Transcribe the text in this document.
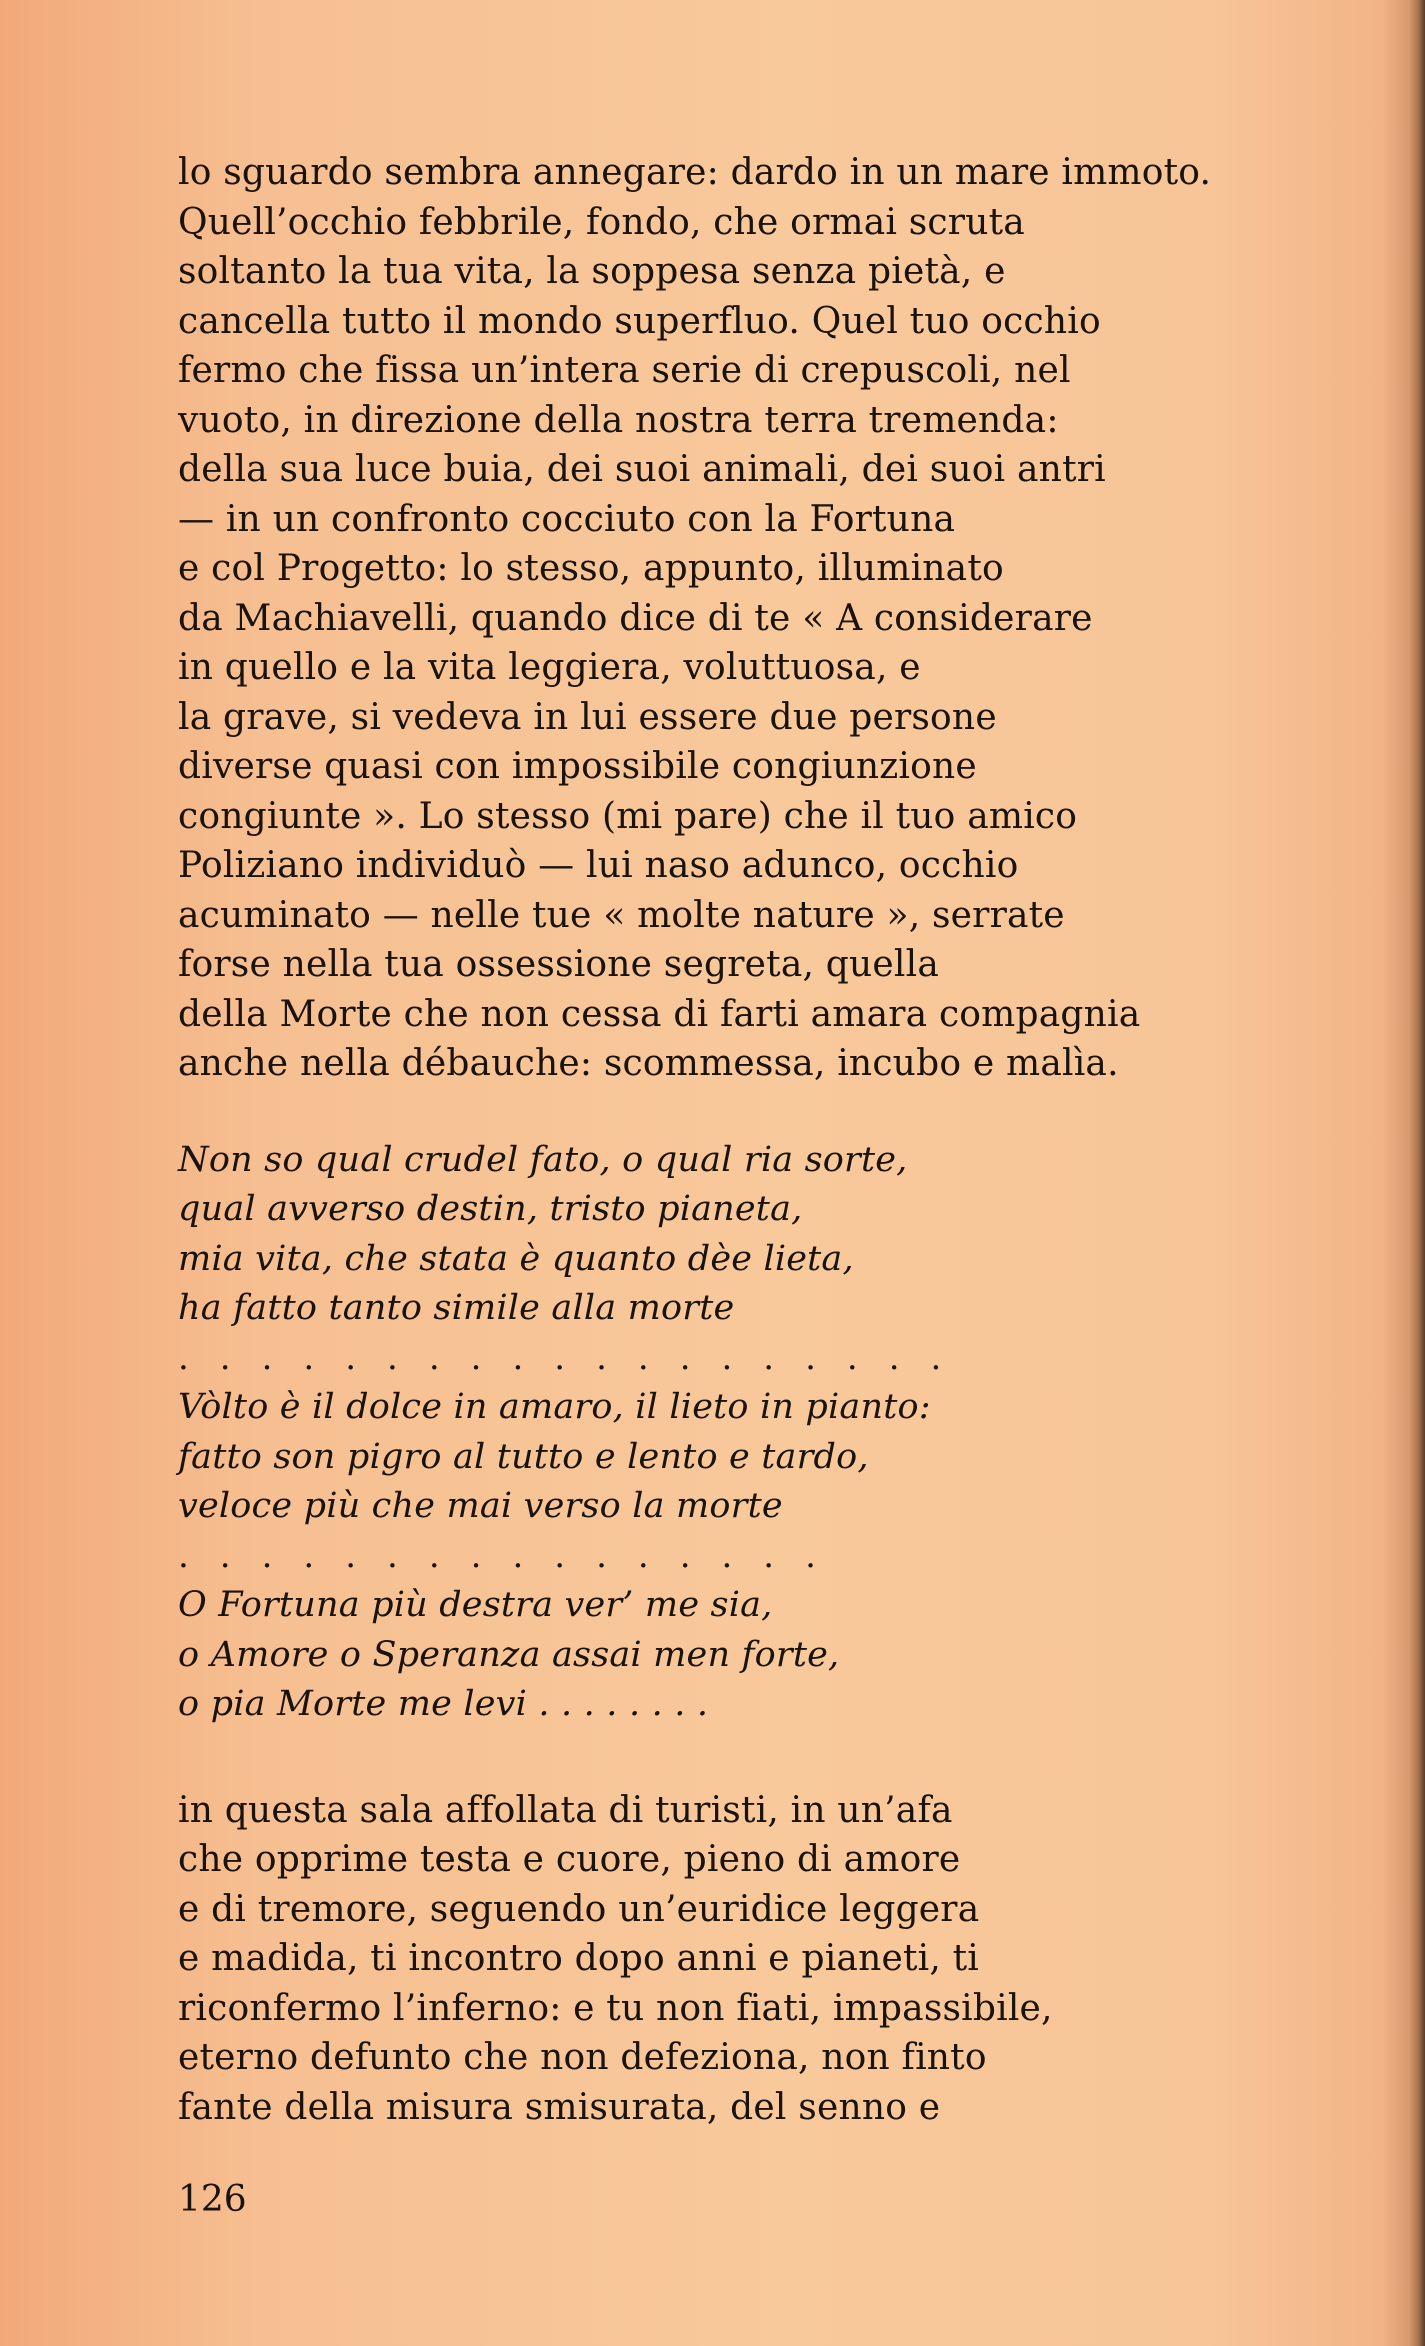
lo sguardo sembra annegare: dardo in un mare immoto.
Quell’occhio febbrile, fondo, che ormai scruta
soltanto la tua vita, la soppesa senza pietà, e
cancella tutto il mondo superfluo. Quel tuo occhio
fermo che fissa un’intera serie di crepuscoli, nel
vuoto, in direzione della nostra terra tremenda:
della sua luce buia, dei suoi animali, dei suoi antri
— in un confronto cocciuto con la Fortuna
e col Progetto: lo stesso, appunto, illuminato
da Machiavelli, quando dice di te « A considerare
in quello e la vita leggiera, voluttuosa, e
la grave, si vedeva in lui essere due persone
diverse quasi con impossibile congiunzione
congiunte ». Lo stesso (mi pare) che il tuo amico
Poliziano individuò — lui naso adunco, occhio
acuminato — nelle tue « molte nature », serrate
forse nella tua ossessione segreta, quella
della Morte che non cessa di farti amara compagnia
anche nella débauche: scommessa, incubo e malìa.
Non so qual crudel fato, o qual ria sorte,
qual avverso destin, tristo pianeta,
mia vita, che stata è quanto dèe lieta,
ha fatto tanto simile alla morte
...................
Vòlto è il dolce in amaro, il lieto in pianto:
fatto son pigro al tutto e lento e tardo,
veloce più che mai verso la morte
................
O Fortuna più destra ver’ me sia,
o Amore o Speranza assai men forte,
o pia Morte me levi . . . . . . . .
in questa sala affollata di turisti, in un’afa
che opprime testa e cuore, pieno di amore
e di tremore, seguendo un’euridice leggera
e madida, ti incontro dopo anni e pianeti, ti
riconfermo l’inferno: e tu non fiati, impassibile,
eterno defunto che non defeziona, non finto
fante della misura smisurata, del senno e
126
